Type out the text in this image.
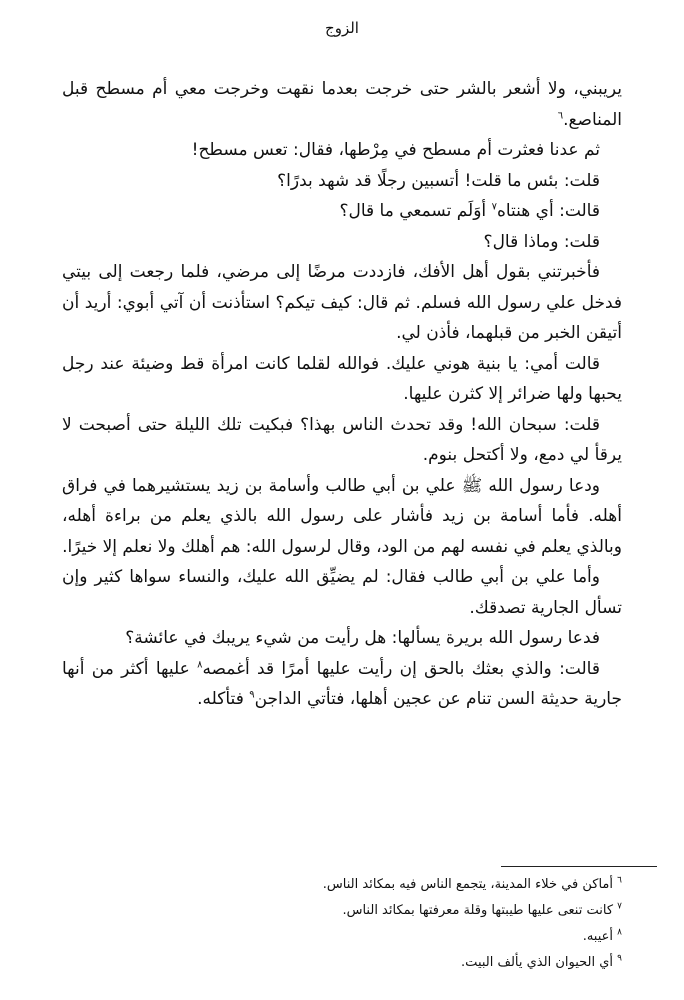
الزوج

يريبني، ولا أشعر بالشر حتى خرجت بعدما نقهت وخرجت معي أم مسطح قبل المناصع.$^٦$

ثم عدنا فعثرت أم مسطح في مِرْطها، فقال: تعس مسطح!

قلت: بئس ما قلت! أتسبين رجلًا قد شهد بدرًا؟

قالت: أي هنتاه$^٧$ أوَلَم تسمعي ما قال؟

قلت: وماذا قال؟

فأخبرتني بقول أهل الأفك، فازددت مرضًا إلى مرضي، فلما رجعت إلى بيتي فدخل علي رسول الله فسلم. ثم قال: كيف تيكم؟ استأذنت أن آتي أبوي: أريد أن أتيقن الخبر من قبلهما، فأذن لي.

قالت أمي: يا بنية هوني عليك. فوالله لقلما كانت امرأة قط وضيئة عند رجل يحبها ولها ضرائر إلا كثرن عليها.

قلت: سبحان الله! وقد تحدث الناس بهذا؟ فبكيت تلك الليلة حتى أصبحت لا يرقأ لي دمع، ولا أكتحل بنوم.

ودعا رسول الله ﷺ علي بن أبي طالب وأسامة بن زيد يستشيرهما في فراق أهله. فأما أسامة بن زيد فأشار على رسول الله بالذي يعلم من براءة أهله، وبالذي يعلم في نفسه لهم من الود، وقال لرسول الله: هم أهلك ولا نعلم إلا خيرًا.

وأما علي بن أبي طالب فقال: لم يضيِّق الله عليك، والنساء سواها كثير وإن تسأل الجارية تصدقك.

فدعا رسول الله بريرة يسألها: هل رأيت من شيء يريبك في عائشة؟

قالت: والذي بعثك بالحق إن رأيت عليها أمرًا قد أغمصه$^٨$ عليها أكثر من أنها جارية حديثة السن تنام عن عجين أهلها، فتأتي الداجن$^٩$ فتأكله.

$^٦$ أماكن في خلاء المدينة، يتجمع الناس فيه بمكائد الناس.

$^٧$ كانت تنعى عليها طيبتها وقلة معرفتها بمكائد الناس.

$^٨$ أعيبه.

$^٩$ أي الحيوان الذي يألف البيت.
